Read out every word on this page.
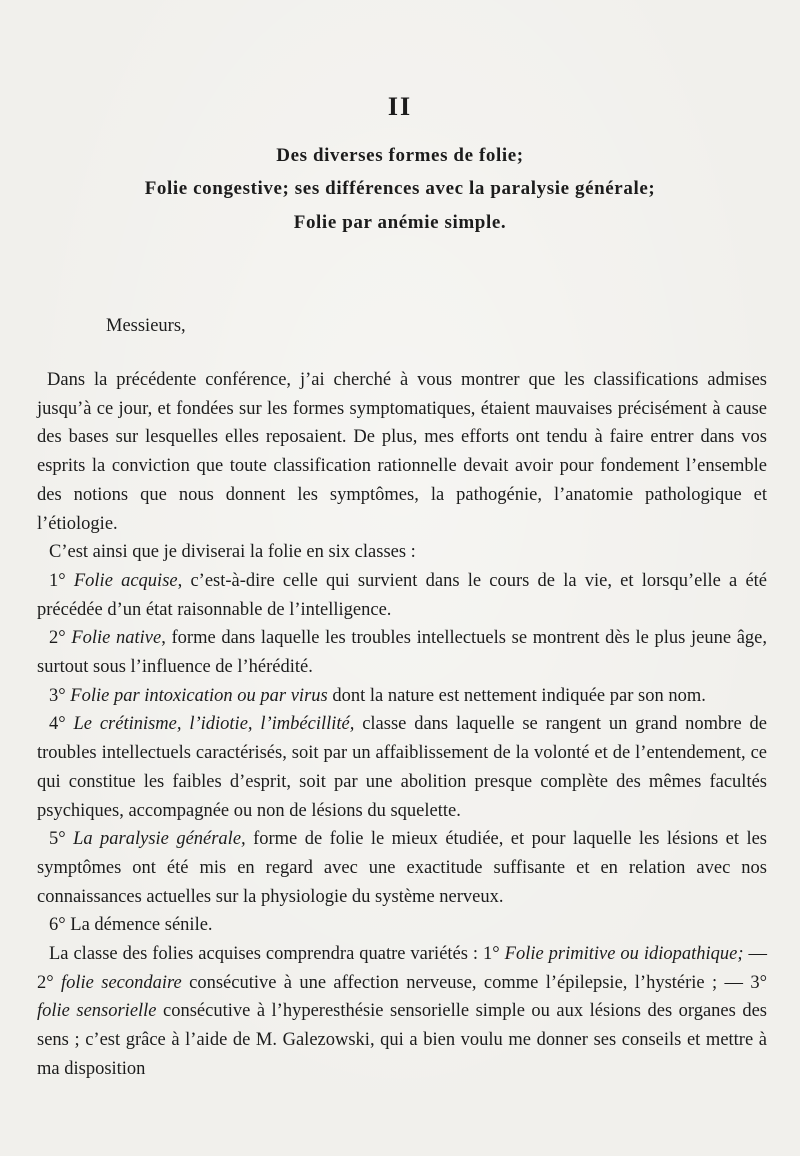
II
Des diverses formes de folie;
Folie congestive; ses différences avec la paralysie générale;
Folie par anémie simple.
Messieurs,

Dans la précédente conférence, j’ai cherché à vous montrer que les classifications admises jusqu’à ce jour, et fondées sur les formes symptomatiques, étaient mauvaises précisément à cause des bases sur lesquelles elles reposaient. De plus, mes efforts ont tendu à faire entrer dans vos esprits la conviction que toute classification rationnelle devait avoir pour fondement l’ensemble des notions que nous donnent les symptômes, la pathogénie, l’anatomie pathologique et l’étiologie.

C’est ainsi que je diviserai la folie en six classes :

1° Folie acquise, c’est-à-dire celle qui survient dans le cours de la vie, et lorsqu’elle a été précédée d’un état raisonnable de l’intelligence.

2° Folie native, forme dans laquelle les troubles intellectuels se montrent dès le plus jeune âge, surtout sous l’influence de l’hérédité.

3° Folie par intoxication ou par virus dont la nature est nettement indiquée par son nom.

4° Le crétinisme, l’idiotie, l’imbécillité, classe dans laquelle se rangent un grand nombre de troubles intellectuels caractérisés, soit par un affaiblissement de la volonté et de l’entendement, ce qui constitue les faibles d’esprit, soit par une abolition presque complète des mêmes facultés psychiques, accompagnée ou non de lésions du squelette.

5° La paralysie générale, forme de folie le mieux étudiée, et pour laquelle les lésions et les symptômes ont été mis en regard avec une exactitude suffisante et en relation avec nos connaissances actuelles sur la physiologie du système nerveux.

6° La démence sénile.

La classe des folies acquises comprendra quatre variétés : 1° Folie primitive ou idiopathique; — 2° folie secondaire consécutive à une affection nerveuse, comme l’épilepsie, l’hystérie ; — 3° folie sensorielle consécutive à l’hyperesthésie sensorielle simple ou aux lésions des organes des sens ; c’est grâce à l’aide de M. Galezowski, qui a bien voulu me donner ses conseils et mettre à ma disposition
